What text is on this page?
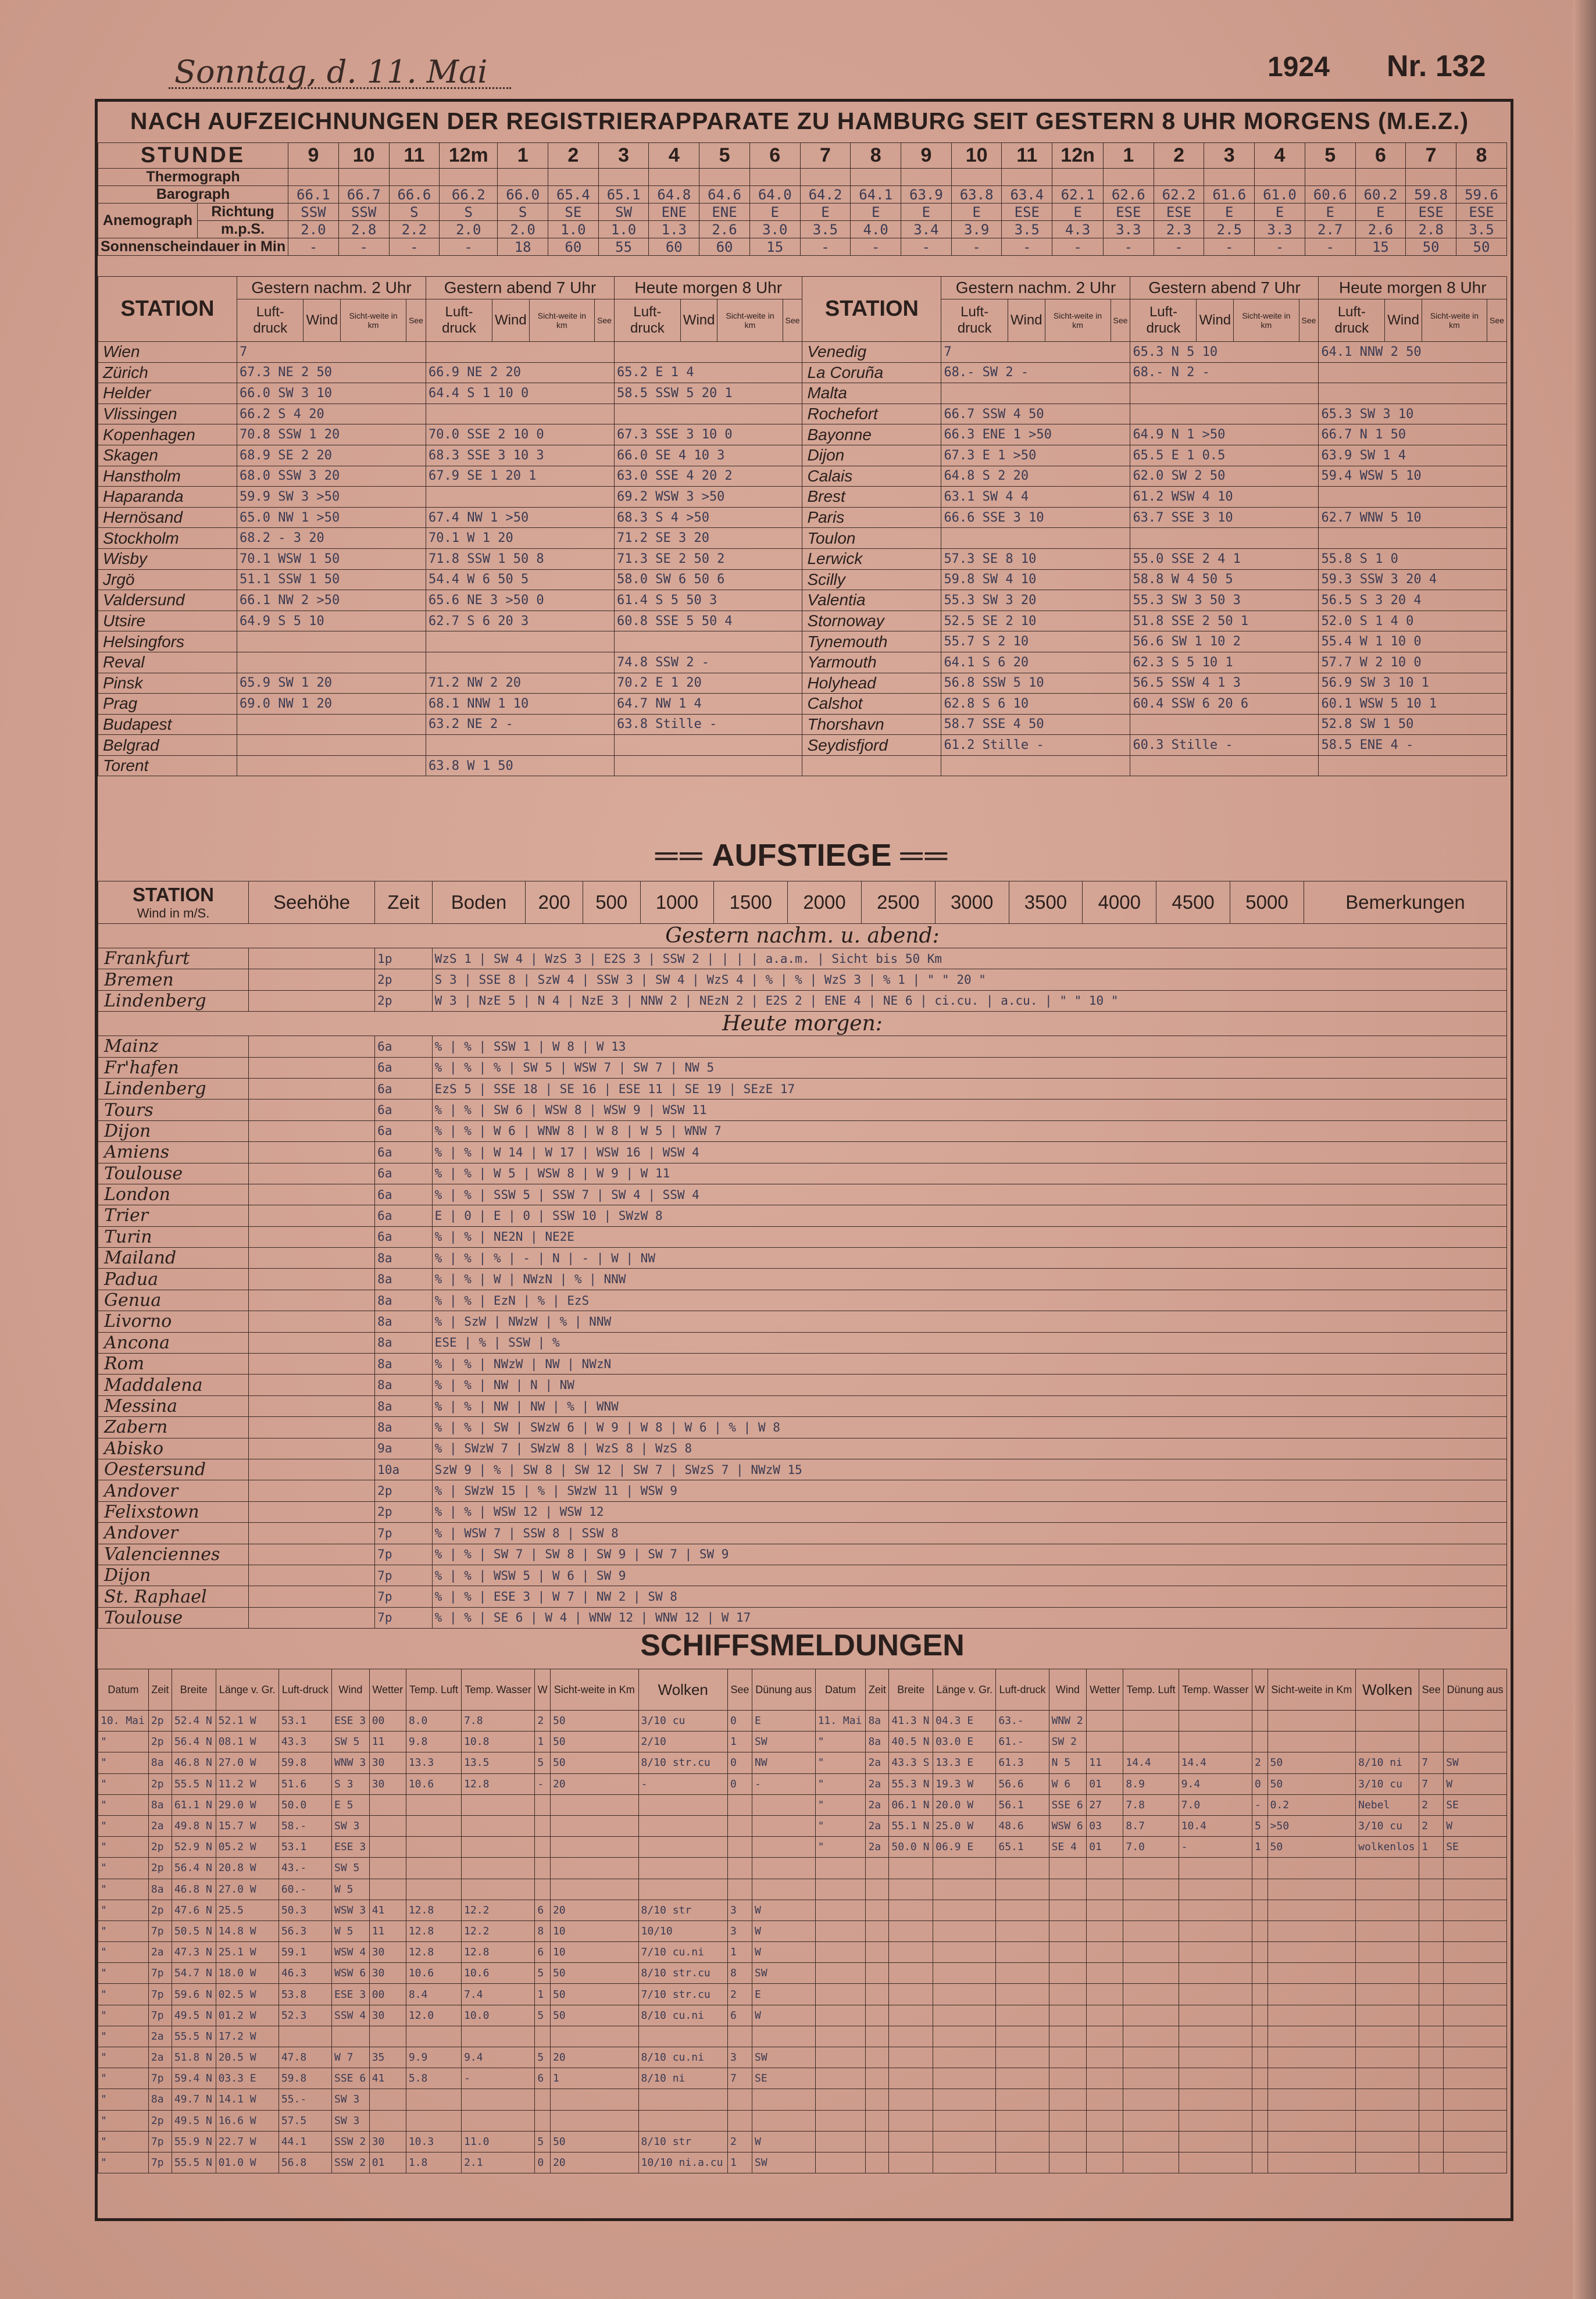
Sonntag, d. 11. Mai	1924 Nr. 132
NACH AUFZEICHNUNGEN DER REGISTRIERAPPARATE ZU HAMBURG SEIT GESTERN 8 UHR MORGENS (M.E.Z.)
STUNDE		9	10	11	12m	1	2	3	4	5	6	7	8	9	10	11	12n	1	2	3	4	5	6	7	8
Thermograph																									
Barograph		66.1	66.7	66.6	66.2	66.0	65.4	65.1	64.8	64.6	64.0	64.2	64.1	63.9	63.8	63.4	62.1	62.6	62.2	61.6	61.0	60.6	60.2	59.8	59.6
Anemograph	Richtung	SSW	SSW	S	S	S	SE	SW	ENE	ENE	E	E	E	E	E	ESE	E	ESE	ESE	E	E	E	E	ESE	ESE
	m.p.S.	2.0	2.8	2.2	2.0	2.0	1.0	1.0	1.3	2.6	3.0	3.5	4.0	3.4	3.9	3.5	4.3	3.3	2.3	2.5	3.3	2.7	2.6	2.8	3.5
Sonnenscheindauer in Min		-	-	-	-	18	60	55	60	60	15	-	-	-	-	-	-	-	-	-	-	-	15	50	50
STATION	Gestern nachm. 2 Uhr				Gestern abend 7 Uhr				Heute morgen 8 Uhr				STATION	Gestern nachm. 2 Uhr				Gestern abend 7 Uhr				Heute morgen 8 Uhr			
	Luft-druck	Wind	Sicht-weite in km	See	Luft-druck	Wind	Sicht-weite in km	See	Luft-druck	Wind	Sicht-weite in km	See		Luft-druck	Wind	Sicht-weite in km	See	Luft-druck	Wind	Sicht-weite in km	See	Luft-druck	Wind	Sicht-weite in km	See
Wien	7												Venedig	7				65.3 N 5 10				64.1 NNW 2 50			
Zürich	67.3 NE 2 50				66.9 NE 2 20				65.2 E 1 4				La Coruña	68.- SW 2 -				68.- N 2 -							
Helder	66.0 SW 3 10				64.4 S 1 10 0				58.5 SSW 5 20 1				Malta												
Vlissingen	66.2 S 4 20												Rochefort	66.7 SSW 4 50								65.3 SW 3 10			
Kopenhagen	70.8 SSW 1 20				70.0 SSE 2 10 0				67.3 SSE 3 10 0				Bayonne	66.3 ENE 1 >50				64.9 N 1 >50				66.7 N 1 50			
Skagen	68.9 SE 2 20				68.3 SSE 3 10 3				66.0 SE 4 10 3				Dijon	67.3 E 1 >50				65.5 E 1 0.5				63.9 SW 1 4			
Hanstholm	68.0 SSW 3 20				67.9 SE 1 20 1				63.0 SSE 4 20 2				Calais	64.8 S 2 20				62.0 SW 2 50				59.4 WSW 5 10			
Haparanda	59.9 SW 3 >50								69.2 WSW 3 >50				Brest	63.1 SW 4 4				61.2 WSW 4 10							
Hernösand	65.0 NW 1 >50				67.4 NW 1 >50				68.3 S 4 >50				Paris	66.6 SSE 3 10				63.7 SSE 3 10				62.7 WNW 5 10			
Stockholm	68.2 - 3 20				70.1 W 1 20				71.2 SE 3 20				Toulon												
Wisby	70.1 WSW 1 50				71.8 SSW 1 50 8				71.3 SE 2 50 2				Lerwick	57.3 SE 8 10				55.0 SSE 2 4 1				55.8 S 1 0			
Jrgö	51.1 SSW 1 50				54.4 W 6 50 5				58.0 SW 6 50 6				Scilly	59.8 SW 4 10				58.8 W 4 50 5				59.3 SSW 3 20 4			
Valdersund	66.1 NW 2 >50				65.6 NE 3 >50 0				61.4 S 5 50 3				Valentia	55.3 SW 3 20				55.3 SW 3 50 3				56.5 S 3 20 4			
Utsire	64.9 S 5 10				62.7 S 6 20 3				60.8 SSE 5 50 4				Stornoway	52.5 SE 2 10				51.8 SSE 2 50 1				52.0 S 1 4 0			
Helsingfors													Tynemouth	55.7 S 2 10				56.6 SW 1 10 2				55.4 W 1 10 0			
Reval									74.8 SSW 2 -				Yarmouth	64.1 S 6 20				62.3 S 5 10 1				57.7 W 2 10 0			
Pinsk	65.9 SW 1 20				71.2 NW 2 20				70.2 E 1 20				Holyhead	56.8 SSW 5 10				56.5 SSW 4 1 3				56.9 SW 3 10 1			
Prag	69.0 NW 1 20				68.1 NNW 1 10				64.7 NW 1 4				Calshot	62.8 S 6 10				60.4 SSW 6 20 6				60.1 WSW 5 10 1			
Budapest					63.2 NE 2 -				63.8 Stille -				Thorshavn	58.7 SSE 4 50								52.8 SW 1 50			
Belgrad													Seydisfjord	61.2 Stille -				60.3 Stille -				58.5 ENE 4 -			
Torent					63.8 W 1 50																				
══ AUFSTIEGE ══
STATION
Wind in m/S.	Seehöhe	Zeit	Boden	200	500	1000	1500	2000	2500	3000	3500	4000	4500	5000	Bemerkungen
Gestern nachm. u. abend:															
Frankfurt		1p	WzS 1 | SW 4 | WzS 3 | E2S 3 | SSW 2 | | | | a.a.m. | Sicht bis 50 Km												
Bremen		2p	S 3 | SSE 8 | SzW 4 | SSW 3 | SW 4 | WzS 4 | % | % | WzS 3 | % 1 | " " 20 "												
Lindenberg		2p	W 3 | NzE 5 | N 4 | NzE 3 | NNW 2 | NEzN 2 | E2S 2 | ENE 4 | NE 6 | ci.cu. | a.cu. | " " 10 "												
Heute morgen:															
Mainz		6a	% | % | SSW 1 | W 8 | W 13												
Fr'hafen		6a	% | % | % | SW 5 | WSW 7 | SW 7 | NW 5												
Lindenberg		6a	EzS 5 | SSE 18 | SE 16 | ESE 11 | SE 19 | SEzE 17												
Tours		6a	% | % | SW 6 | WSW 8 | WSW 9 | WSW 11												
Dijon		6a	% | % | W 6 | WNW 8 | W 8 | W 5 | WNW 7												
Amiens		6a	% | % | W 14 | W 17 | WSW 16 | WSW 4												
Toulouse		6a	% | % | W 5 | WSW 8 | W 9 | W 11												
London		6a	% | % | SSW 5 | SSW 7 | SW 4 | SSW 4												
Trier		6a	E | 0 | E | 0 | SSW 10 | SWzW 8												
Turin		6a	% | % | NE2N | NE2E												
Mailand		8a	% | % | % | - | N | - | W | NW												
Padua		8a	% | % | W | NWzN | % | NNW												
Genua		8a	% | % | EzN | % | EzS												
Livorno		8a	% | SzW | NWzW | % | NNW												
Ancona		8a	ESE | % | SSW | %												
Rom		8a	% | % | NWzW | NW | NWzN												
Maddalena		8a	% | % | NW | N | NW												
Messina		8a	% | % | NW | NW | % | WNW												
Zabern		8a	% | % | SW | SWzW 6 | W 9 | W 8 | W 6 | % | W 8												
Abisko		9a	% | SWzW 7 | SWzW 8 | WzS 8 | WzS 8												
Oestersund		10a	SzW 9 | % | SW 8 | SW 12 | SW 7 | SWzS 7 | NWzW 15												
Andover		2p	% | SWzW 15 | % | SWzW 11 | WSW 9												
Felixstown		2p	% | % | WSW 12 | WSW 12												
Andover		7p	% | WSW 7 | SSW 8 | SSW 8												
Valenciennes		7p	% | % | SW 7 | SW 8 | SW 9 | SW 7 | SW 9												
Dijon		7p	% | % | WSW 5 | W 6 | SW 9												
St. Raphael		7p	% | % | ESE 3 | W 7 | NW 2 | SW 8												
Toulouse		7p	% | % | SE 6 | W 4 | WNW 12 | WNW 12 | W 17												
SCHIFFSMELDUNGEN
Datum	Zeit	Breite	Länge v. Gr.	Luft-druck	Wind	Wetter	Temp. Luft	Temp. Wasser	W	Sicht-weite in Km	Wolken	See	Dünung aus	Datum	Zeit	Breite	Länge v. Gr.	Luft-druck	Wind	Wetter	Temp. Luft	Temp. Wasser	W	Sicht-weite in Km	Wolken	See	Dünung aus
10. Mai	2p	52.4 N	52.1 W	53.1	ESE 3	00	8.0	7.8	2	50	3/10 cu	0	E	11. Mai	8a	41.3 N	04.3 E	63.-	WNW 2								
"	2p	56.4 N	08.1 W	43.3	SW 5	11	9.8	10.8	1	50	2/10	1	SW	"	8a	40.5 N	03.0 E	61.-	SW 2								
"	8a	46.8 N	27.0 W	59.8	WNW 3	30	13.3	13.5	5	50	8/10 str.cu	0	NW	"	2a	43.3 S	13.3 E	61.3	N 5	11	14.4	14.4	2	50	8/10 ni	7	SW
"	2p	55.5 N	11.2 W	51.6	S 3	30	10.6	12.8	-	20	-	0	-	"	2a	55.3 N	19.3 W	56.6	W 6	01	8.9	9.4	0	50	3/10 cu	7	W
"	8a	61.1 N	29.0 W	50.0	E 5									"	2a	06.1 N	20.0 W	56.1	SSE 6	27	7.8	7.0	-	0.2	Nebel	2	SE
"	2a	49.8 N	15.7 W	58.-	SW 3									"	2a	55.1 N	25.0 W	48.6	WSW 6	03	8.7	10.4	5	>50	3/10 cu	2	W
"	2p	52.9 N	05.2 W	53.1	ESE 3									"	2a	50.0 N	06.9 E	65.1	SE 4	01	7.0	-	1	50	wolkenlos	1	SE
"	2p	56.4 N	20.8 W	43.-	SW 5																						
"	8a	46.8 N	27.0 W	60.-	W 5																						
"	2p	47.6 N	25.5	50.3	WSW 3	41	12.8	12.2	6	20	8/10 str	3	W														
"	7p	50.5 N	14.8 W	56.3	W 5	11	12.8	12.2	8	10	10/10	3	W														
"	2a	47.3 N	25.1 W	59.1	WSW 4	30	12.8	12.8	6	10	7/10 cu.ni	1	W														
"	7p	54.7 N	18.0 W	46.3	WSW 6	30	10.6	10.6	5	50	8/10 str.cu	8	SW														
"	7p	59.6 N	02.5 W	53.8	ESE 3	00	8.4	7.4	1	50	7/10 str.cu	2	E														
"	7p	49.5 N	01.2 W	52.3	SSW 4	30	12.0	10.0	5	50	8/10 cu.ni	6	W														
"	2a	55.5 N	17.2 W																								
"	2a	51.8 N	20.5 W	47.8	W 7	35	9.9	9.4	5	20	8/10 cu.ni	3	SW														
"	7p	59.4 N	03.3 E	59.8	SSE 6	41	5.8	-	6	1	8/10 ni	7	SE														
"	8a	49.7 N	14.1 W	55.-	SW 3																						
"	2p	49.5 N	16.6 W	57.5	SW 3																						
"	7p	55.9 N	22.7 W	44.1	SSW 2	30	10.3	11.0	5	50	8/10 str	2	W														
"	7p	55.5 N	01.0 W	56.8	SSW 2	01	1.8	2.1	0	20	10/10 ni.a.cu	1	SW														
